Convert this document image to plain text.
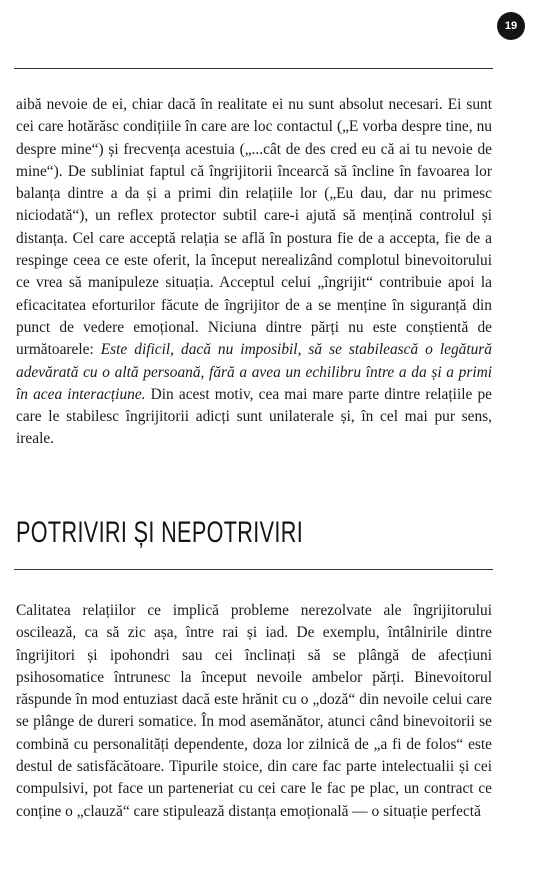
19

aibă nevoie de ei, chiar dacă în realitate ei nu sunt absolut necesari. Ei sunt cei care hotărăsc condițiile în care are loc contactul („E vorba despre tine, nu despre mine“) și frecvența acestuia („...cât de des cred eu că ai tu nevoie de mine“). De subliniat faptul că îngrijitorii încearcă să încline în favoarea lor balanța dintre a da și a primi din relațiile lor („Eu dau, dar nu primesc niciodată“), un reflex protector subtil care-i ajută să mențină controlul și distanța. Cel care acceptă relația se află în postura fie de a accepta, fie de a respinge ceea ce este oferit, la început nerealizând complotul binevoitorului ce vrea să manipuleze situația. Acceptul celui „îngrijit“ contribuie apoi la eficacitatea eforturilor făcute de îngrijitor de a se menține în siguranță din punct de vedere emoțional. Niciuna dintre părți nu este conștientă de următoarele: Este dificil, dacă nu imposibil, să se stabilească o legătură adevărată cu o altă persoană, fără a avea un echilibru între a da și a primi în acea interacțiune. Din acest motiv, cea mai mare parte dintre relațiile pe care le stabilesc îngrijitorii adicți sunt unilaterale și, în cel mai pur sens, ireale.

POTRIVIRI ȘI NEPOTRIVIRI

Calitatea relațiilor ce implică probleme nerezolvate ale îngrijitorului oscilează, ca să zic așa, între rai și iad. De exemplu, întâlnirile dintre îngrijitori și ipohondri sau cei înclinați să se plângă de afecțiuni psihosomatice întrunesc la început nevoile ambelor părți. Binevoitorul răspunde în mod entuziast dacă este hrănit cu o „doză“ din nevoile celui care se plânge de dureri somatice. În mod asemănător, atunci când binevoitorii se combină cu personalități dependente, doza lor zilnică de „a fi de folos“ este destul de satisfăcătoare. Tipurile stoice, din care fac parte intelectualii și cei compulsivi, pot face un parteneriat cu cei care le fac pe plac, un contract ce conține o „clauză“ care stipulează distanța emoțională — o situație perfectă
